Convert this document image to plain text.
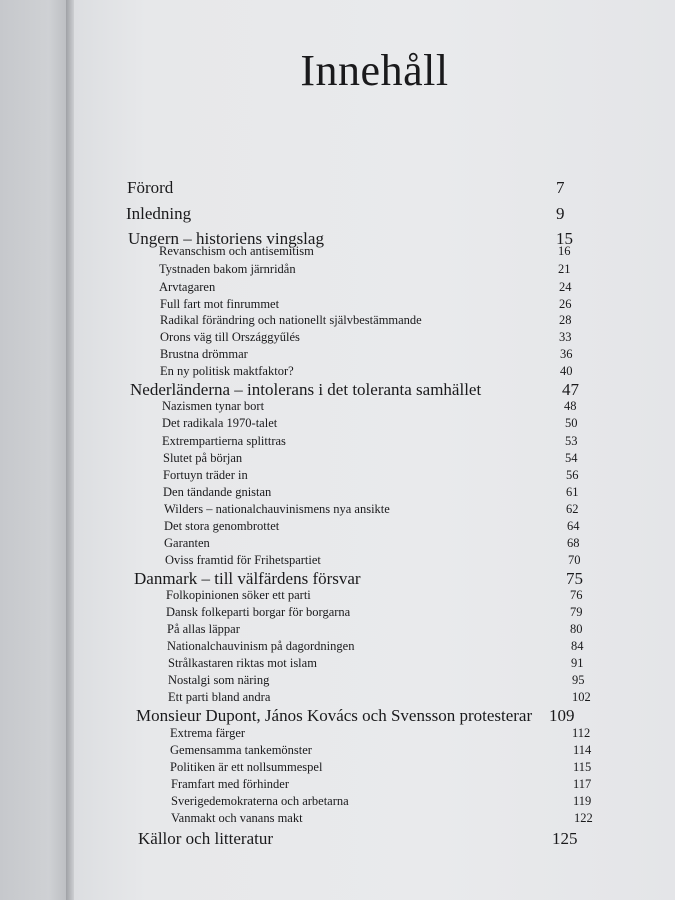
Innehåll
Förord	7
Inledning	9
Ungern – historiens vingslag	15
Revanschism och antisemitism	16
Tystnaden bakom järnridån	21
Arvtagaren	24
Full fart mot finrummet	26
Radikal förändring och nationellt självbestämmande	28
Orons väg till Országgyűlés	33
Brustna drömmar	36
En ny politisk maktfaktor?	40
Nederländerna – intolerans i det toleranta samhället	47
Nazismen tynar bort	48
Det radikala 1970-talet	50
Extrempartierna splittras	53
Slutet på början	54
Fortuyn träder in	56
Den tändande gnistan	61
Wilders – nationalchauvinismens nya ansikte	62
Det stora genombrottet	64
Garanten	68
Oviss framtid för Frihetspartiet	70
Danmark – till välfärdens försvar	75
Folkopinionen söker ett parti	76
Dansk folkeparti borgar för borgarna	79
På allas läppar	80
Nationalchauvinism på dagordningen	84
Strålkastaren riktas mot islam	91
Nostalgi som näring	95
Ett parti bland andra	102
Monsieur Dupont, János Kovács och Svensson protesterar 109
Extrema färger	112
Gemensamma tankemönster	114
Politiken är ett nollsummespel	115
Framfart med förhinder	117
Sverigedemokraterna och arbetarna	119
Vanmakt och vanans makt	122
Källor och litteratur	125
